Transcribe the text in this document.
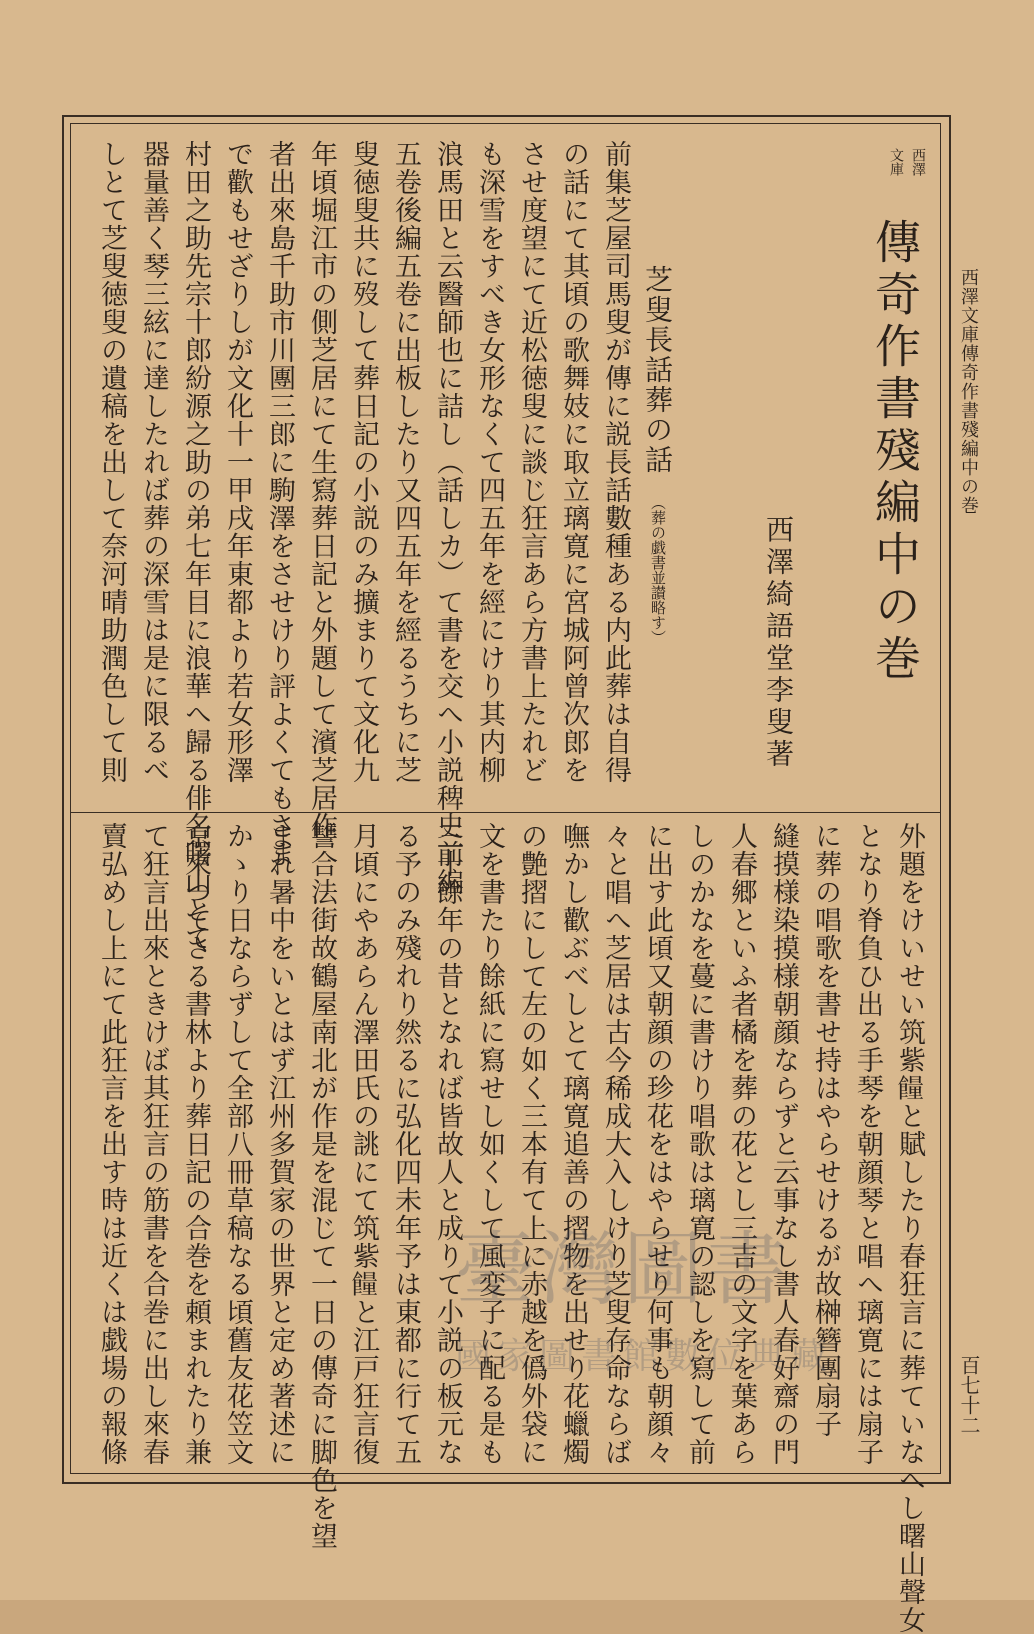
西澤文庫傳奇作書殘編中の巻
百七十二
西澤
文庫
傳奇作書殘編中の巻
西澤綺語堂李叟著
芝叟長話葬の話
（葬の戯書並讃略す）
前集芝屋司馬叟が傳に説長話數種ある内此葬は自得
の話にて其頃の歌舞妓に取立璃寛に宮城阿曾次郎を
させ度望にて近松徳叟に談じ狂言あら方書上たれど
も深雪をすべき女形なくて四五年を經にけり其内柳
浪馬田と云醫師也に詰し（話しカ）て書を交へ小説稗史前編
五卷後編五卷に出板したり又四五年を經るうちに芝
叟徳叟共に歿して葬日記の小説のみ擴まりて文化九
年頃堀江市の側芝居にて生寫葬日記と外題して濱芝居作
者出來島千助市川團三郎に駒澤をさせけり評よくてもさま
で歡もせざりしが文化十一甲戌年東都より若女形澤
村田之助先宗十郎紛源之助の弟七年目に浪華へ歸る俳名曙山とて
器量善く琴三絃に達したれば葬の深雪は是に限るべ
しとて芝叟徳叟の遺稿を出して奈河晴助潤色して則
外題をけいせい筑紫𩞯と賦したり春狂言に葬ていなへし曙山聲女
となり脊負ひ出る手琴を朝顔琴と唱へ璃寛には扇子
に葬の唱歌を書せ持はやらせけるが故榊簪團扇子
縫摸様染摸様朝顔ならずと云事なし書人春好齋の門
人春郷といふ者橘を葬の花とし三吉の文字を葉あら
しのかなを蔓に書けり唱歌は璃寛の認しを寫して前
に出す此頃又朝顔の珍花をはやらせり何事も朝顔々
々と唱へ芝居は古今稀成大入しけり芝叟存命ならば
嘸かし歡ぶべしとて璃寛追善の摺物を出せり花蠟燭
の艶摺にして左の如く三本有て上に赤越を僞外袋に
文を書たり餘紙に寫せし如くして風変子に配る是も
三十餘年の昔となれば皆故人と成りて小説の板元な
る予のみ殘れり然るに弘化四未年予は東都に行て五
月頃にやあらん澤田氏の誂にて筑紫𩞯と江戸狂言復
讐合法街故鶴屋南北が作是を混じて一日の傳奇に脚色を望
まれ暑中をいとはず江州多賀家の世界と定め著述に
かゝり日ならずして全部八冊草稿なる頃舊友花笠文
京來つてさる書林より葬日記の合巻を頼まれたり兼
て狂言出來ときけば其狂言の筋書を合巻に出し來春
賣弘めし上にて此狂言を出す時は近くは戯場の報條	臺灣圖書
國家圖書館數位典藏
